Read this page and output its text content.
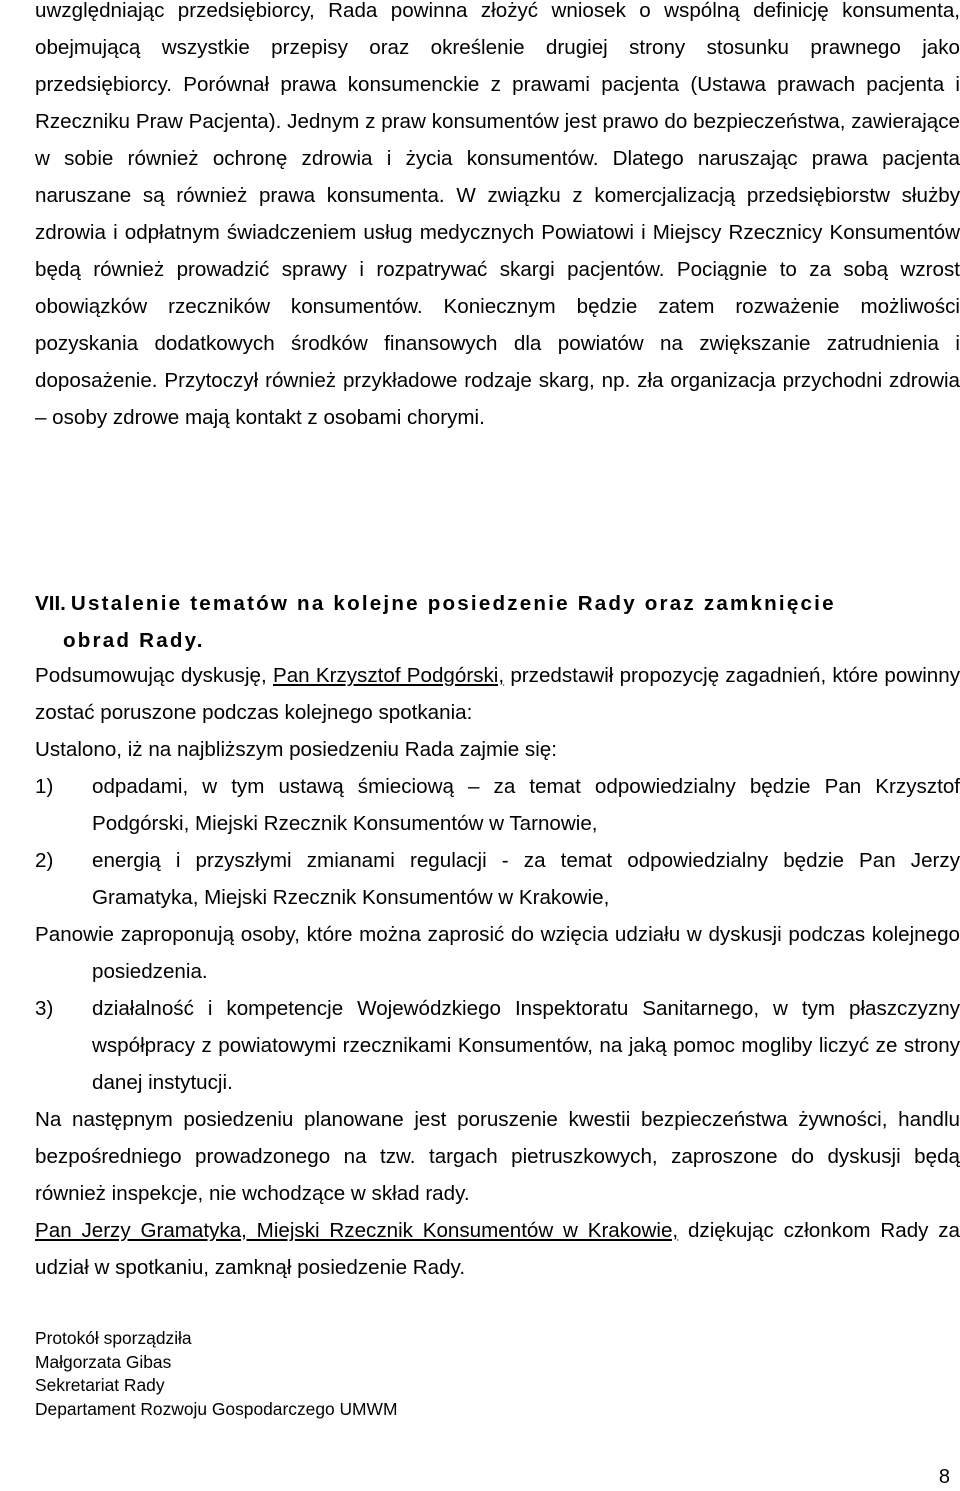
uwzględniając przedsiębiorcy, Rada powinna złożyć wniosek o wspólną definicję konsumenta, obejmującą wszystkie przepisy oraz określenie drugiej strony stosunku prawnego jako przedsiębiorcy. Porównał prawa konsumenckie z prawami pacjenta (Ustawa prawach pacjenta i Rzeczniku Praw Pacjenta). Jednym z praw konsumentów jest prawo do bezpieczeństwa, zawierające w sobie również ochronę zdrowia i życia konsumentów. Dlatego naruszając prawa pacjenta naruszane są również prawa konsumenta. W związku z komercjalizacją przedsiębiorstw służby zdrowia i odpłatnym świadczeniem usług medycznych Powiatowi i Miejscy Rzecznicy Konsumentów będą również prowadzić sprawy i rozpatrywać skargi pacjentów. Pociągnie to za sobą wzrost obowiązków rzeczników konsumentów. Koniecznym będzie zatem rozważenie możliwości pozyskania dodatkowych środków finansowych dla powiatów na zwiększanie zatrudnienia i doposażenie. Przytoczył również przykładowe rodzaje skarg, np. zła organizacja przychodni zdrowia – osoby zdrowe mają kontakt z osobami chorymi.

VII. Ustalenie tematów na kolejne posiedzenie Rady oraz zamknięcie
obrad Rady.

Podsumowując dyskusję, Pan Krzysztof Podgórski, przedstawił propozycję zagadnień, które powinny zostać poruszone podczas kolejnego spotkania:

Ustalono, iż na najbliższym posiedzeniu Rada zajmie się:

1)	odpadami, w tym ustawą śmieciową – za temat odpowiedzialny będzie Pan Krzysztof Podgórski, Miejski Rzecznik Konsumentów w Tarnowie,
2)	energią i przyszłymi zmianami regulacji - za temat odpowiedzialny będzie Pan Jerzy Gramatyka, Miejski Rzecznik Konsumentów w Krakowie,

Panowie zaproponują osoby, które można zaprosić do wzięcia udziału w dyskusji podczas kolejnego posiedzenia.

3)	działalność i kompetencje Wojewódzkiego Inspektoratu Sanitarnego, w tym płaszczyzny współpracy z powiatowymi rzecznikami Konsumentów, na jaką pomoc mogliby liczyć ze strony danej instytucji.

Na następnym posiedzeniu planowane jest poruszenie kwestii bezpieczeństwa żywności, handlu bezpośredniego prowadzonego na tzw. targach pietruszkowych, zaproszone do dyskusji będą również inspekcje, nie wchodzące w skład rady.

Pan Jerzy Gramatyka, Miejski Rzecznik Konsumentów w Krakowie, dziękując członkom Rady za udział w spotkaniu, zamknął posiedzenie Rady.

Protokół sporządziła
Małgorzata Gibas
Sekretariat Rady
Departament Rozwoju Gospodarczego UMWM
8
